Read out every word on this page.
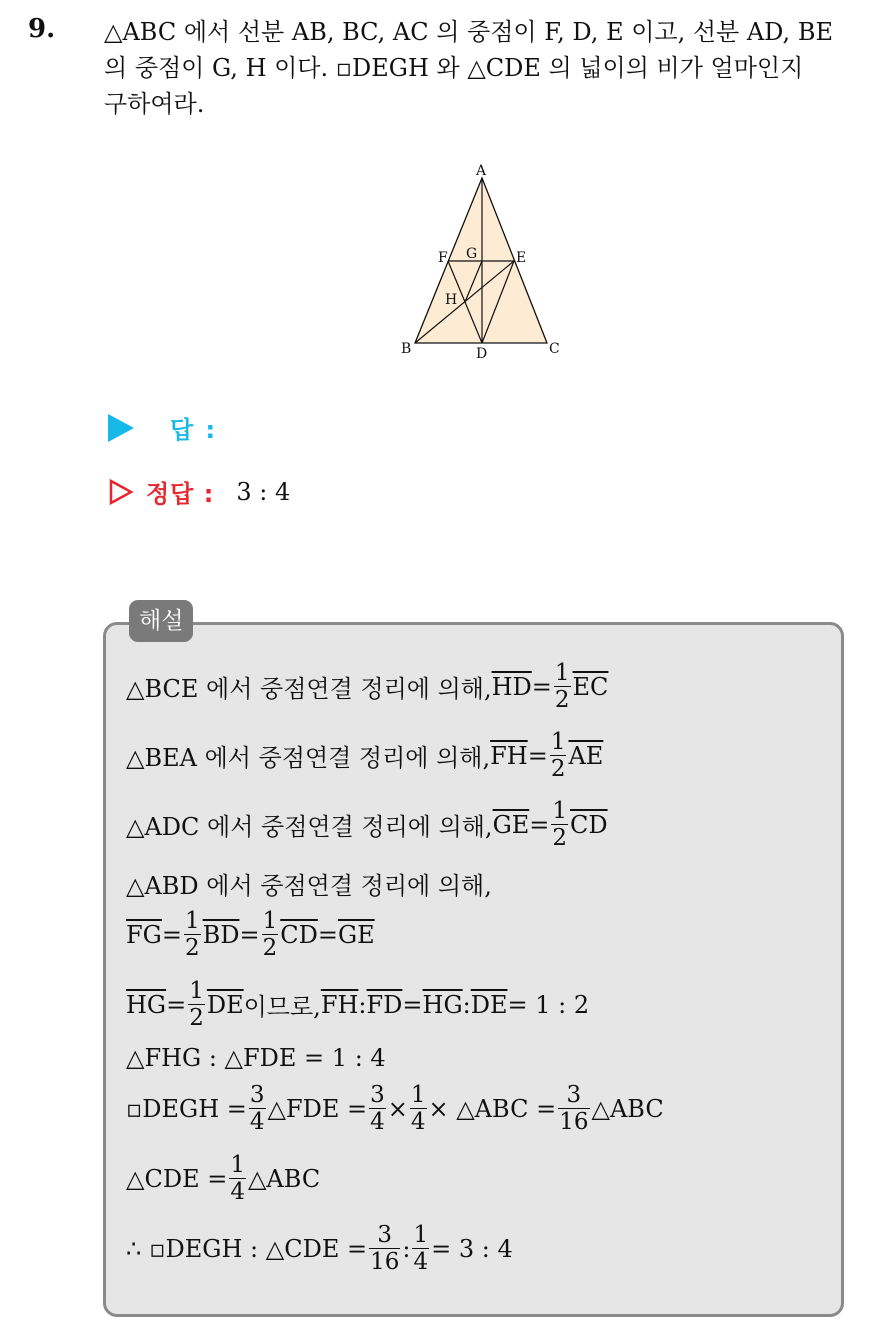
9. △ABC 에서 선분 AB, BC, AC 의 중점이 F, D, E 이고, 선분 AD, BE
의 중점이 G, H 이다. ▫DEGH 와 △CDE 의 넓이의 비가 얼마인지
구하여라.
A
B	C
D
E
F G
H
답 :
정답 : 3 : 4
해설
△BCE 에서 중점연결 정리에 의해, $\overline{HD} = \frac{1}{2} \overline{EC}$
△BEA 에서 중점연결 정리에 의해, $\overline{FH} = \frac{1}{2} \overline{AE}$
△ADC 에서 중점연결 정리에 의해, $\overline{GE} = \frac{1}{2} \overline{CD}$
△ABD 에서 중점연결 정리에 의해,
$\overline{FG} = \frac{1}{2} \overline{BD} = \frac{1}{2} \overline{CD} = \overline{GE}$
$\overline{HG} = \frac{1}{2} \overline{DE}$ 이므로, $\overline{FH}$ : $\overline{FD} = \overline{HG}$ : $\overline{DE} = 1$ : 2
△FHG : △FDE = 1 : 4
▫DEGH = $\frac{3}{4}$ △FDE = $\frac{3}{4} \times \frac{1}{4}$ × △ABC = $\frac{3}{16}$ △ABC
△CDE = $\frac{1}{4}$ △ABC
∴ ▫DEGH : △CDE = $\frac{3}{16}$ : $\frac{1}{4} = 3$ : 4
